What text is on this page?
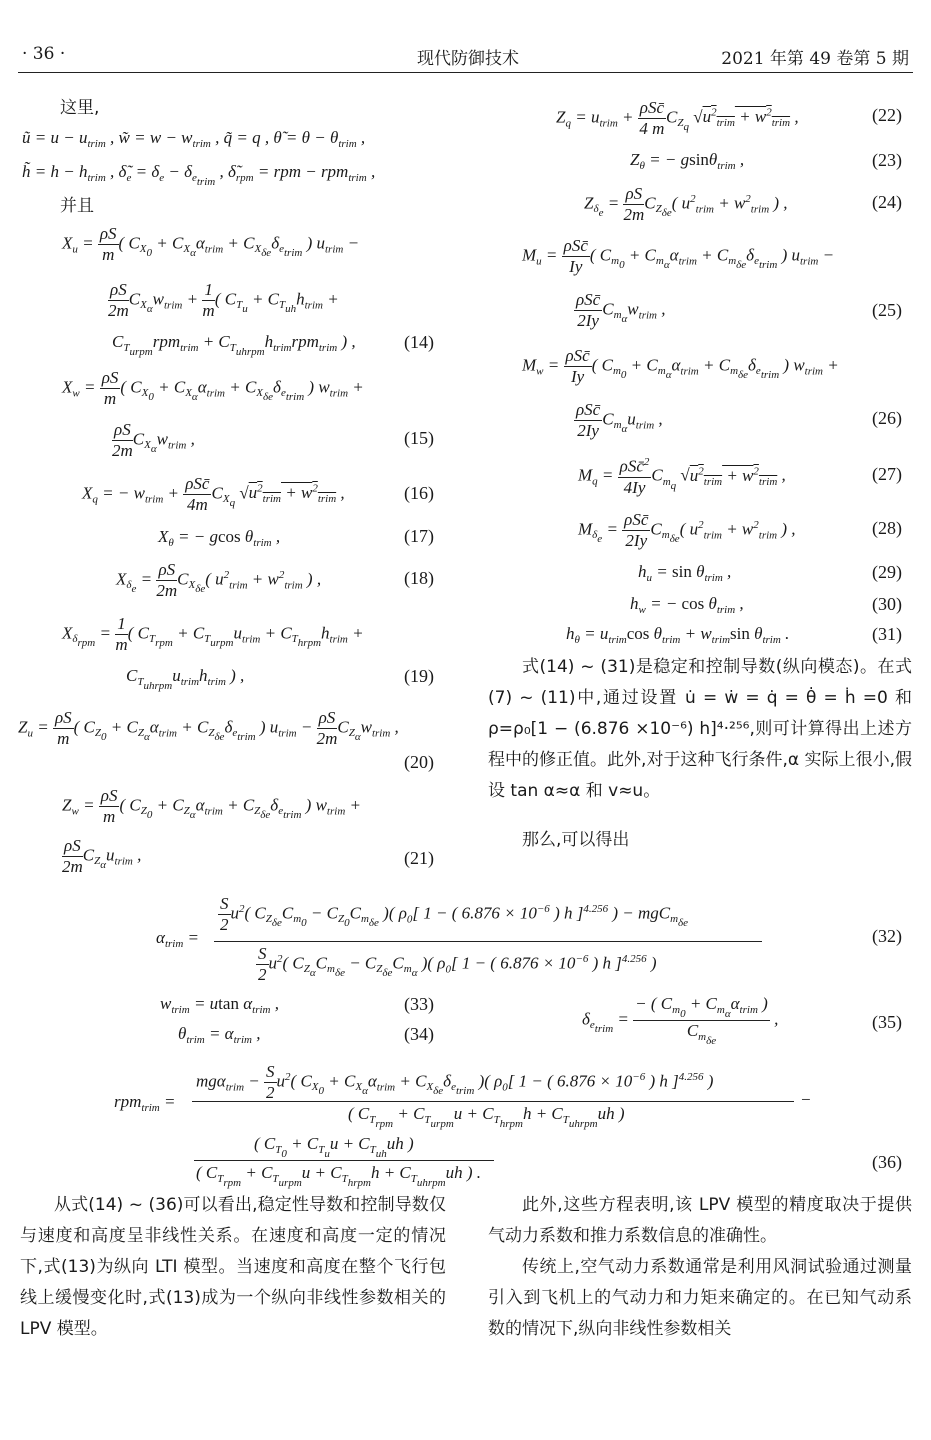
· 36 ·	现代防御技术	2021 年第 49 卷第 5 期
这里,
ũ = $u - u_{trim}$ , w̃ = $w - w_{trim}$ , q̃ = q , θ̃ = $\theta - \theta_{trim}$ ,
h̃ = $h - h_{trim}$ , $\deltã_e = \delta_e - \delta_{e_{trim}}$ , $\deltã_{rpm}$ = rpm − rpm$_{trim}$ ,
并且
$X_u = \frac{\rho S}{m}$ ( $C_{X_0} + C_{X_\alpha}\alpha_{trim} + C_{X_{\delta e}}\delta_{e_{trim}}$ ) $u_{trim}$ −
$\frac{\rho S}{2m} C_{X_\alpha}w_{trim} + \frac{1}{m}$ ( $C_{T_u} + C_{T_{uh}}h_{trim}$ +
$C_{T_{urpm}}rpm_{trim} + C_{T_{uhrpm}}h_{trim}rpm_{trim}$ ) ,	(14)
$X_w = \frac{\rho S}{m}$ ( $C_{X_0} + C_{X_\alpha}\alpha_{trim} + C_{X_{\delta e}}\delta_{e_{trim}}$ ) $w_{trim}$ +
$\frac{\rho S}{2m} C_{X_\alpha}w_{trim}$ ,	(15)
$X_q$ = − $w_{trim} + \frac{\text{ρSc̄}}{4m} C_{X_q}$ $√u^2_{trim} + w^2_{trim}$ ,	(16)
$X_\theta$ = − gcos $\theta_{trim}$ ,	(17)
$X_{\delta_e} = \frac{\rho S}{2m} C_{X_{\delta e}}$( $u^2_{trim} + w^2_{trim}$ ) ,	(18)
$X_{\delta_{rpm}} = \frac{1}{m}$ ( $C_{T_{rpm}} + C_{T_{urpm}}u_{trim} + C_{T_{hrpm}}h_{trim}$ +
$C_{T_{uhrpm}}u_{trim}h_{trim}$ ) ,	(19)
$Z_u = \frac{\rho S}{m}$ ( $C_{Z_0} + C_{Z_\alpha}\alpha_{trim} + C_{Z_{\delta e}}\delta_{e_{trim}}$ ) $u_{trim} - \frac{\rho S}{2m} C_{Z_\alpha}w_{trim}$ ,
(20)
$Z_w = \frac{\rho S}{m}$ ( $C_{Z_0} + C_{Z_\alpha}\alpha_{trim} + C_{Z_{\delta e}}\delta_{e_{trim}}$ ) $w_{trim}$ +
$\frac{\rho S}{2m} C_{Z_\alpha}u_{trim}$ ,	(21)
$Z_q = u_{trim} + \frac{\text{ρSc̄}}{4 m} C_{Z_q}$ $√u^2_{trim} + w^2_{trim}$ ,	(22)
$Z_\theta$ = − gsinθ$_{trim}$ ,	(23)
$Z_{\delta_e} = \frac{\rho S}{2m} C_{Z_{\delta e}}$( $u^2_{trim} + w^2_{trim}$ ) ,	(24)
$M_u = \frac{\text{ρSc̄}}{Iy}$ ( $C_{m_0} + C_{m_\alpha}\alpha_{trim} + C_{m_{\delta e}}\delta_{e_{trim}}$ ) $u_{trim}$ −
$\frac{\text{ρSc̄}}{2Iy} C_{m_\alpha}w_{trim}$ ,	(25)
$M_w = \frac{\text{ρSc̄}}{Iy}$ ( $C_{m_0} + C_{m_\alpha}\alpha_{trim} + C_{m_{\delta e}}\delta_{e_{trim}}$ ) $w_{trim}$ +
$\frac{\text{ρSc̄}}{2Iy} C_{m_\alpha}u_{trim}$ ,	(26)
$M_q = \frac{\rho Sc̄^2}{4Iy} C_{m_q}$ $√u^2_{trim} + w^2_{trim}$ ,	(27)
$M_{\delta_e} = \frac{\text{ρSc̄}}{2Iy} C_{m_{\delta e}}$( $u^2_{trim} + w^2_{trim}$ ) ,	(28)
$h_u = \sin \theta_{trim}$ ,	(29)
$h_w$ = − $\cos \theta_{trim}$ ,	(30)
$h_\theta = u_{trim}\cos$ $\theta_{trim} + w_{trim}\sin$ $\theta_{trim}$ .	(31)

式(14) ~ (31)是稳定和控制导数(纵向模态)。在式(7) ~ (11)中,通过设置 u̇ = ẇ = q̇ = θ̇ = ḣ =0 和 ρ=ρ₀[1 − (6.876 ×10⁻⁶) h]⁴·²⁵⁶,则可计算得出上述方程中的修正值。此外,对于这种飞行条件,α 实际上很小,假设 tan α≈α 和 v≈u。

那么,可以得出
$\alpha_{trim}$ =
$\frac{S}{2} u^2$( $C_{Z_{\delta e}}C_{m_0} - C_{Z_0}C_{m_{\delta e}}$ )( $\rho_0$[ 1 − ( $6.876 \times 10^{-6}$ ) h ]$^{4.256}$ ) − mgC$_{m_{\delta e}}$
$\frac{S}{2} u^2$( $C_{Z_\alpha}C_{m_{\delta e}} - C_{Z_{\delta e}}C_{m_\alpha}$ )( $\rho_0$[ 1 − ( $6.876 \times 10^{-6}$ ) h ]$^{4.256}$ )
(32)
$w_{trim} = utan$ $\alpha_{trim}$ ,	(33)
$\theta_{trim} = \alpha_{trim}$ ,	(34)
$\delta_{e_{trim}} = \frac{- ( C_{m_0} + C_{m_\alpha}\alpha_{trim} )}{C_{m_{\delta e}}}$ ,	(35)
rpm$_{trim}$ =
$mg\alpha_{trim} - \frac{S}{2} u^2$( $C_{X_0} + C_{X_\alpha}\alpha_{trim} + C_{X_{\delta e}}\delta_{e_{trim}}$ )( $\rho_0$[ 1 − ( $6.876 \times 10^{-6}$ ) h ]$^{4.256}$ )
( $C_{T_{rpm}} + C_{T_{urpm}}u + C_{T_{hrpm}}h + C_{T_{uhrpm}}uh$ )
−
( $C_{T_0} + C_{T_u}u + C_{T_{uh}}uh$ )
( $C_{T_{rpm}} + C_{T_{urpm}}u + C_{T_{hrpm}}h + C_{T_{uhrpm}}uh$ ) .
(36)

从式(14) ~ (36)可以看出,稳定性导数和控制导数仅与速度和高度呈非线性关系。在速度和高度一定的情况下,式(13)为纵向 LTI 模型。当速度和高度在整个飞行包线上缓慢变化时,式(13)成为一个纵向非线性参数相关的 LPV 模型。

此外,这些方程表明,该 LPV 模型的精度取决于提供气动力系数和推力系数信息的准确性。

传统上,空气动力系数通常是利用风洞试验通过测量引入到飞机上的气动力和力矩来确定的。在已知气动系数的情况下,纵向非线性参数相关
